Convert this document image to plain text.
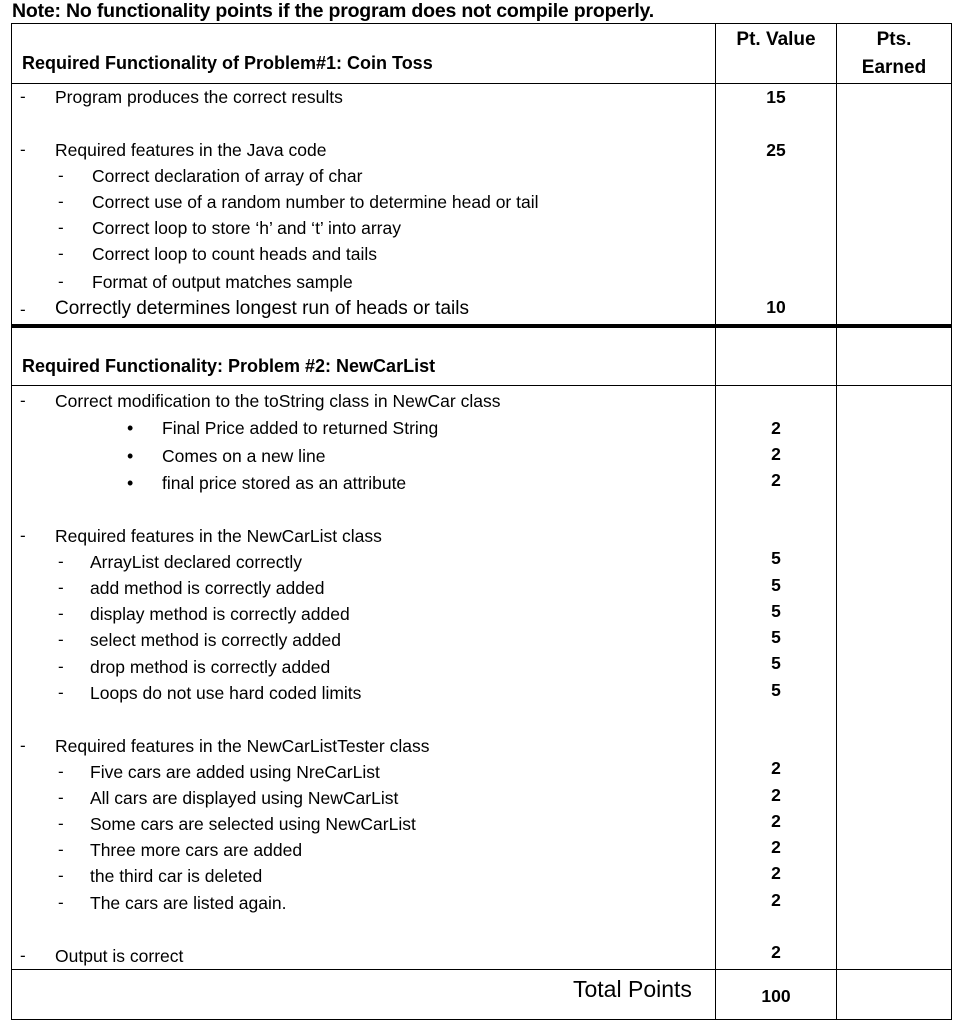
Note: No functionality points if the program does not compile properly.
Pt. Value	Pts.
Earned
Required Functionality of Problem#1: Coin Toss
- Program produces the correct results	15
- Required features in the Java code	25
- Correct declaration of array of char
- Correct use of a random number to determine head or tail
- Correct loop to store ‘h’ and ‘t’ into array
- Correct loop to count heads and tails
- Format of output matches sample
- Correctly determines longest run of heads or tails	10
Required Functionality: Problem #2: NewCarList
- Correct modification to the toString class in NewCar class
• Final Price added to returned String	2
• Comes on a new line	2
• final price stored as an attribute	2
- Required features in the NewCarList class
- ArrayList declared correctly	5
- add method is correctly added	5
- display method is correctly added	5
- select method is correctly added	5
- drop method is correctly added	5
- Loops do not use hard coded limits	5
- Required features in the NewCarListTester class
- Five cars are added using NreCarList	2
- All cars are displayed using NewCarList	2
- Some cars are selected using NewCarList	2
- Three more cars are added	2
- the third car is deleted	2
- The cars are listed again.	2
- Output is correct	2
Total Points	100
